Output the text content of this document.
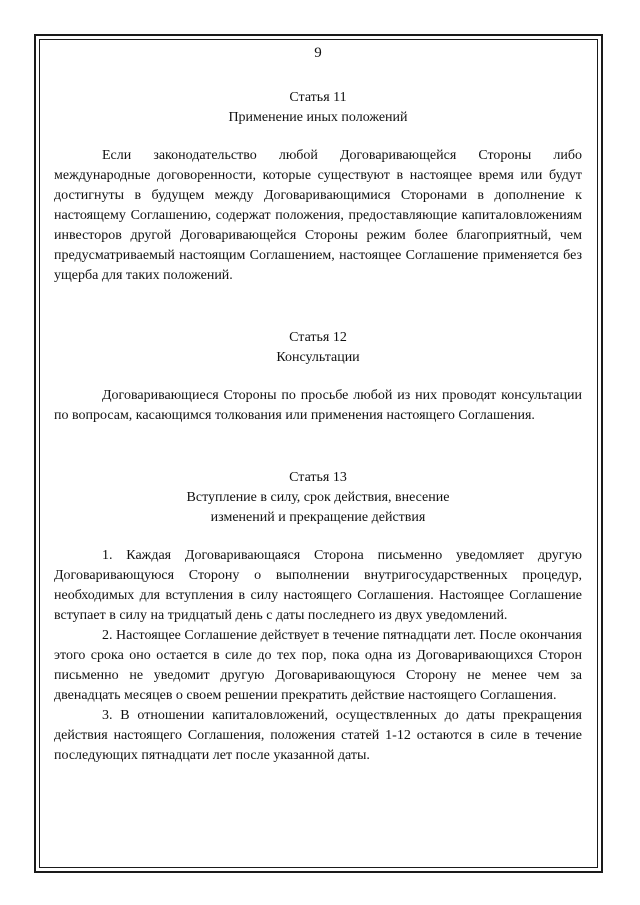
9
Статья 11
Применение иных положений

Если законодательство любой Договаривающейся Стороны либо международные договоренности, которые существуют в настоящее время или будут достигнуты в будущем между Договаривающимися Сторонами в дополнение к настоящему Соглашению, содержат положения, предоставляющие капиталовложениям инвесторов другой Договаривающейся Стороны режим более благоприятный, чем предусматриваемый настоящим Соглашением, настоящее Соглашение применяется без ущерба для таких положений.

Статья 12
Консультации

Договаривающиеся Стороны по просьбе любой из них проводят консультации по вопросам, касающимся толкования или применения настоящего Соглашения.

Статья 13
Вступление в силу, срок действия, внесение
изменений и прекращение действия

1. Каждая Договаривающаяся Сторона письменно уведомляет другую Договаривающуюся Сторону о выполнении внутригосударственных процедур, необходимых для вступления в силу настоящего Соглашения. Настоящее Соглашение вступает в силу на тридцатый день с даты последнего из двух уведомлений.

2. Настоящее Соглашение действует в течение пятнадцати лет. После окончания этого срока оно остается в силе до тех пор, пока одна из Договаривающихся Сторон письменно не уведомит другую Договаривающуюся Сторону не менее чем за двенадцать месяцев о своем решении прекратить действие настоящего Соглашения.

3. В отношении капиталовложений, осуществленных до даты прекращения действия настоящего Соглашения, положения статей 1-12 остаются в силе в течение последующих пятнадцати лет после указанной даты.
